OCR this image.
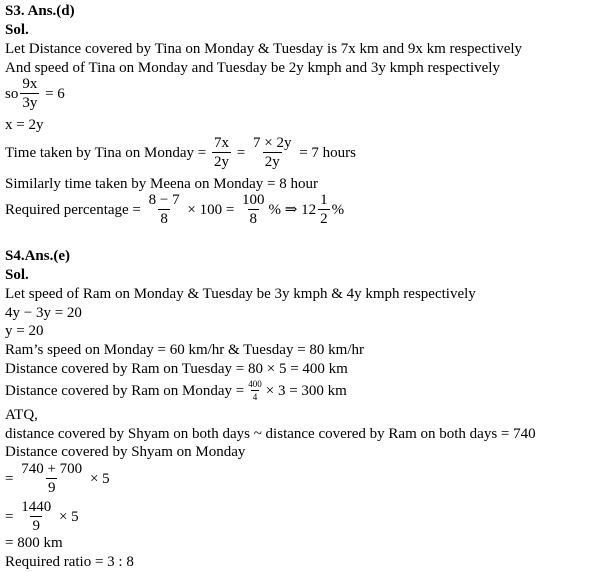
S3. Ans.(d)
Sol.
Let Distance covered by Tina on Monday & Tuesday is 7x km and 9x km respectively
And speed of Tina on Monday and Tuesday be 2y kmph and 3y kmph respectively
so $\frac{9x}{3y} = 6$
x = 2y
Time taken by Tina on Monday = $\frac{7x}{2y} = \frac{7 \times 2y}{2y} = 7$ hours
Similarly time taken by Meena on Monday = 8 hour
Required percentage = $\frac{8 - 7}{8} \times 100 = \frac{100}{8}$ % ⇒ $12 \frac{1}{2}$ %
S4.Ans.(e)
Sol.
Let speed of Ram on Monday & Tuesday be 3y kmph & 4y kmph respectively
4y − 3y = 20
y = 20
Ram’s speed on Monday = 60 km/hr & Tuesday = 80 km/hr
Distance covered by Ram on Tuesday = 80 × 5 = 400 km
Distance covered by Ram on Monday = $\frac{400}{4} \times 3 = 300$ km
ATQ,
distance covered by Shyam on both days ~ distance covered by Ram on both days = 740
Distance covered by Shyam on Monday
= $\frac{740 + 700}{9} \times 5$
= $\frac{1440}{9} \times 5$
= 800 km
Required ratio = 3 : 8
